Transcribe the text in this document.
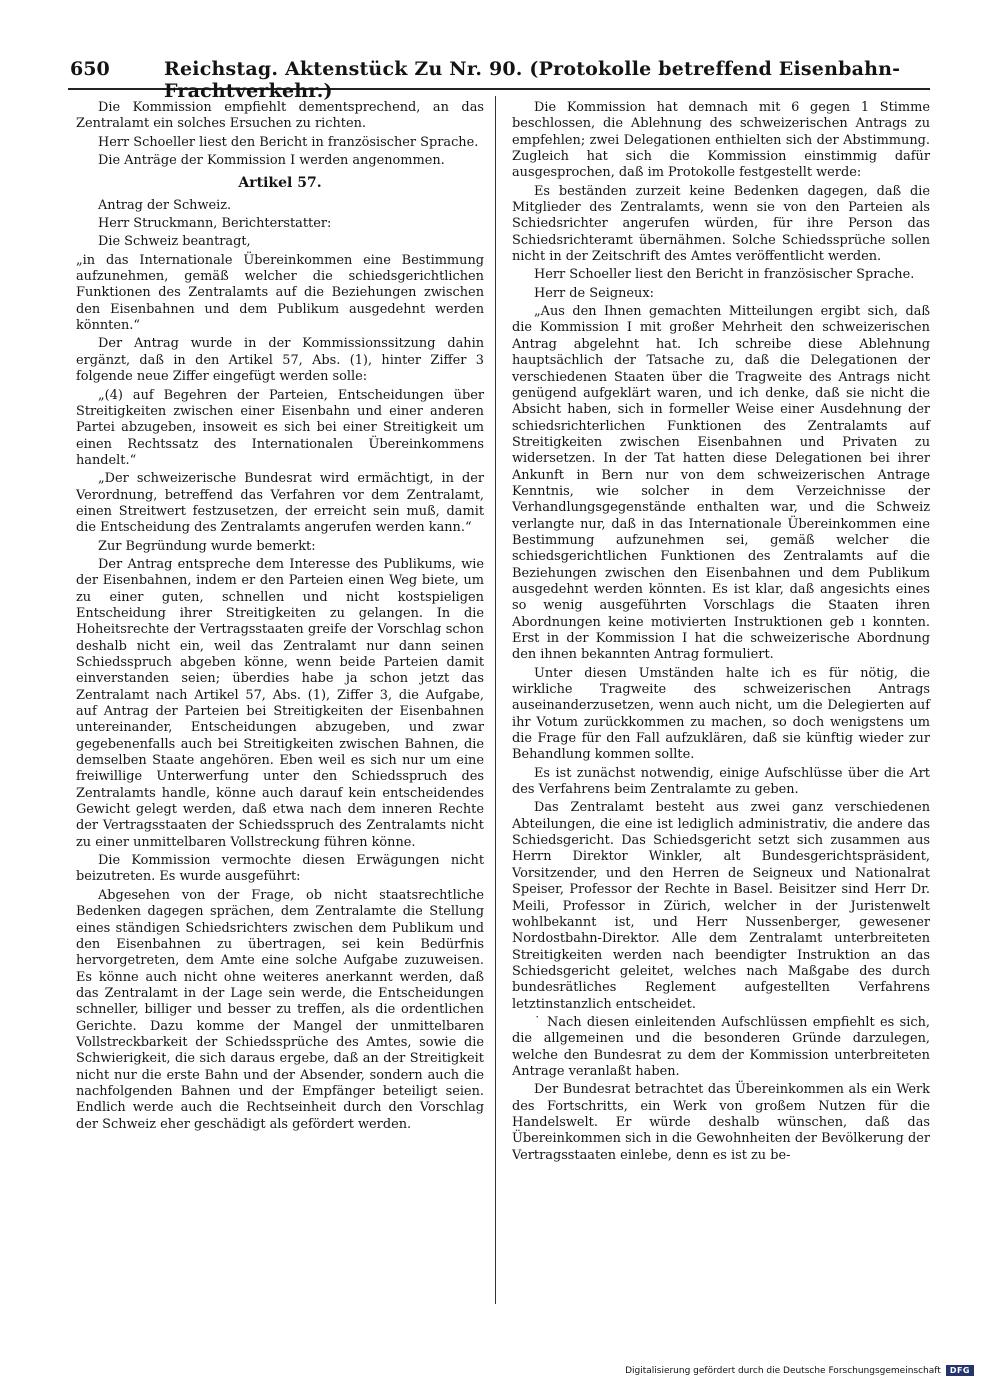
650	Reichstag. Aktenstück Zu Nr. 90. (Protokolle betreffend Eisenbahn-Frachtverkehr.)

Die Kommission empfiehlt dementsprechend, an das Zentralamt ein solches Ersuchen zu richten.

Herr Schoeller liest den Bericht in französischer Sprache.

Die Anträge der Kommission I werden angenommen.

Artikel 57.

Antrag der Schweiz.

Herr Struckmann, Berichterstatter:

Die Schweiz beantragt,

„in das Internationale Übereinkommen eine Bestimmung aufzunehmen, gemäß welcher die schiedsgerichtlichen Funktionen des Zentralamts auf die Beziehungen zwischen den Eisenbahnen und dem Publikum ausgedehnt werden könnten.“

Der Antrag wurde in der Kommissionssitzung dahin ergänzt, daß in den Artikel 57, Abs. (1), hinter Ziffer 3 folgende neue Ziffer eingefügt werden solle:

„(4) auf Begehren der Parteien, Entscheidungen über Streitigkeiten zwischen einer Eisenbahn und einer anderen Partei abzugeben, insoweit es sich bei einer Streitigkeit um einen Rechtssatz des Internationalen Übereinkommens handelt.“

„Der schweizerische Bundesrat wird ermächtigt, in der Verordnung, betreffend das Verfahren vor dem Zentralamt, einen Streitwert festzusetzen, der erreicht sein muß, damit die Entscheidung des Zentralamts angerufen werden kann.“

Zur Begründung wurde bemerkt:

Der Antrag entspreche dem Interesse des Publikums, wie der Eisenbahnen, indem er den Parteien einen Weg biete, um zu einer guten, schnellen und nicht kostspieligen Entscheidung ihrer Streitigkeiten zu gelangen. In die Hoheitsrechte der Vertragsstaaten greife der Vorschlag schon deshalb nicht ein, weil das Zentralamt nur dann seinen Schiedsspruch abgeben könne, wenn beide Parteien damit einverstanden seien; überdies habe ja schon jetzt das Zentralamt nach Artikel 57, Abs. (1), Ziffer 3, die Aufgabe, auf Antrag der Parteien bei Streitigkeiten der Eisenbahnen untereinander, Entscheidungen abzugeben, und zwar gegebenenfalls auch bei Streitigkeiten zwischen Bahnen, die demselben Staate angehören. Eben weil es sich nur um eine freiwillige Unterwerfung unter den Schiedsspruch des Zentralamts handle, könne auch darauf kein entscheidendes Gewicht gelegt werden, daß etwa nach dem inneren Rechte der Vertragsstaaten der Schiedsspruch des Zentralamts nicht zu einer unmittelbaren Vollstreckung führen könne.

Die Kommission vermochte diesen Erwägungen nicht beizutreten. Es wurde ausgeführt:

Abgesehen von der Frage, ob nicht staatsrechtliche Bedenken dagegen sprächen, dem Zentralamte die Stellung eines ständigen Schiedsrichters zwischen dem Publikum und den Eisenbahnen zu übertragen, sei kein Bedürfnis hervorgetreten, dem Amte eine solche Aufgabe zuzuweisen. Es könne auch nicht ohne weiteres anerkannt werden, daß das Zentralamt in der Lage sein werde, die Entscheidungen schneller, billiger und besser zu treffen, als die ordentlichen Gerichte. Dazu komme der Mangel der unmittelbaren Vollstreckbarkeit der Schiedssprüche des Amtes, sowie die Schwierigkeit, die sich daraus ergebe, daß an der Streitigkeit nicht nur die erste Bahn und der Absender, sondern auch die nachfolgenden Bahnen und der Empfänger beteiligt seien. Endlich werde auch die Rechtseinheit durch den Vorschlag der Schweiz eher geschädigt als gefördert werden.

Die Kommission hat demnach mit 6 gegen 1 Stimme beschlossen, die Ablehnung des schweizerischen Antrags zu empfehlen; zwei Delegationen enthielten sich der Abstimmung. Zugleich hat sich die Kommission einstimmig dafür ausgesprochen, daß im Protokolle festgestellt werde:

Es beständen zurzeit keine Bedenken dagegen, daß die Mitglieder des Zentralamts, wenn sie von den Parteien als Schiedsrichter angerufen würden, für ihre Person das Schiedsrichteramt übernähmen. Solche Schiedssprüche sollen nicht in der Zeitschrift des Amtes veröffentlicht werden.

Herr Schoeller liest den Bericht in französischer Sprache.

Herr de Seigneux:

„Aus den Ihnen gemachten Mitteilungen ergibt sich, daß die Kommission I mit großer Mehrheit den schweizerischen Antrag abgelehnt hat. Ich schreibe diese Ablehnung hauptsächlich der Tatsache zu, daß die Delegationen der verschiedenen Staaten über die Tragweite des Antrags nicht genügend aufgeklärt waren, und ich denke, daß sie nicht die Absicht haben, sich in formeller Weise einer Ausdehnung der schiedsrichterlichen Funktionen des Zentralamts auf Streitigkeiten zwischen Eisenbahnen und Privaten zu widersetzen. In der Tat hatten diese Delegationen bei ihrer Ankunft in Bern nur von dem schweizerischen Antrage Kenntnis, wie solcher in dem Verzeichnisse der Verhandlungsgegenstände enthalten war, und die Schweiz verlangte nur, daß in das Internationale Übereinkommen eine Bestimmung aufzunehmen sei, gemäß welcher die schiedsgerichtlichen Funktionen des Zentralamts auf die Beziehungen zwischen den Eisenbahnen und dem Publikum ausgedehnt werden könnten. Es ist klar, daß angesichts eines so wenig ausgeführten Vorschlags die Staaten ihren Abordnungen keine motivierten Instruktionen geb ı konnten. Erst in der Kommission I hat die schweizerische Abordnung den ihnen bekannten Antrag formuliert.

Unter diesen Umständen halte ich es für nötig, die wirkliche Tragweite des schweizerischen Antrags auseinanderzusetzen, wenn auch nicht, um die Delegierten auf ihr Votum zurückkommen zu machen, so doch wenigstens um die Frage für den Fall aufzuklären, daß sie künftig wieder zur Behandlung kommen sollte.

Es ist zunächst notwendig, einige Aufschlüsse über die Art des Verfahrens beim Zentralamte zu geben.

Das Zentralamt besteht aus zwei ganz verschiedenen Abteilungen, die eine ist lediglich administrativ, die andere das Schiedsgericht. Das Schiedsgericht setzt sich zusammen aus Herrn Direktor Winkler, alt Bundesgerichtspräsident, Vorsitzender, und den Herren de Seigneux und Nationalrat Speiser, Professor der Rechte in Basel. Beisitzer sind Herr Dr. Meili, Professor in Zürich, welcher in der Juristenwelt wohlbekannt ist, und Herr Nussenberger, gewesener Nordostbahn-Direktor. Alle dem Zentralamt unterbreiteten Streitigkeiten werden nach beendigter Instruktion an das Schiedsgericht geleitet, welches nach Maßgabe des durch bundesrätliches Reglement aufgestellten Verfahrens letztinstanzlich entscheidet.

˙ Nach diesen einleitenden Aufschlüssen empfiehlt es sich, die allgemeinen und die besonderen Gründe darzulegen, welche den Bundesrat zu dem der Kommission unterbreiteten Antrage veranlaßt haben.

Der Bundesrat betrachtet das Übereinkommen als ein Werk des Fortschritts, ein Werk von großem Nutzen für die Handelswelt. Er würde deshalb wünschen, daß das Übereinkommen sich in die Gewohnheiten der Bevölkerung der Vertragsstaaten einlebe, denn es ist zu be-

Digitalisierung gefördert durch die Deutsche Forschungsgemeinschaft	DFG
